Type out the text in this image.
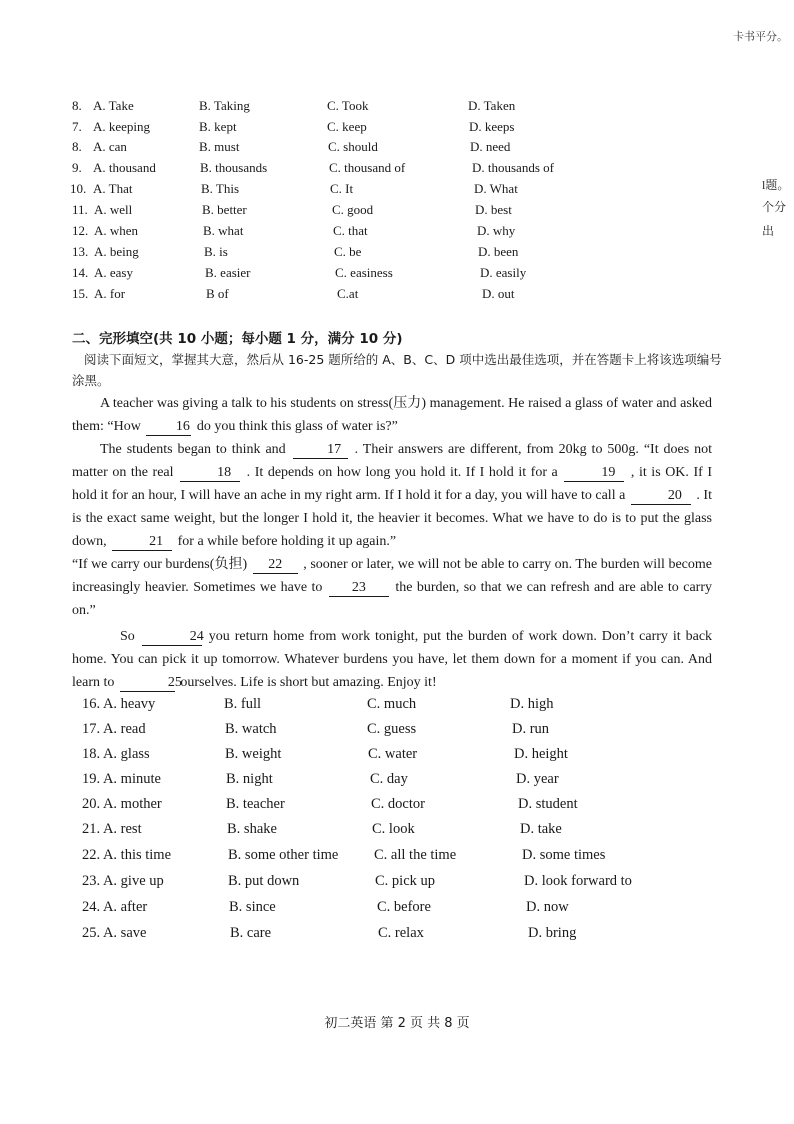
卡书平分。
l题。
个分
出
8. A. Take	B. Taking	C. Took	D. Taken
7. A. keeping	B. kept	C. keep	D. keeps
8. A. can	B. must	C. should	D. need
9. A. thousand	B. thousands	C. thousand of	D. thousands of
10. A. That	B. This	C. It	D. What
11. A. well	B. better	C. good	D. best
12. A. when	B. what	C. that	D. why
13. A. being	B. is	C. be	D. been
14. A. easy	B. easier	C. easiness	D. easily
15. A. for	B of	C.at	D. out
二、完形填空(共 10 小题；每小题 1 分，满分 10 分)
阅读下面短文，掌握其大意，然后从 16-25 题所给的 A、B、C、D 项中选出最佳选项，并在答题卡上将该选项编号涂黑。

A teacher was giving a talk to his students on stress(压力) management. He raised a glass of water and asked them: “How	16 do you think this glass of water is?”

The students began to think and	17 . Their answers are different, from 20kg to 500g. “It does not matter on the real	18 . It depends on how long you hold it. If I hold it for a	19 , it is OK. If I hold it for an hour, I will have an ache in my right arm. If I hold it for a day, you will have to call a	20 . It is the exact same weight, but the longer I hold it, the heavier it becomes. What we have to do is to put the glass down,	21 for a while before holding it up again.”

“If we carry our burdens(负担) 22 , sooner or later, we will not be able to carry on. The burden will become increasingly heavier. Sometimes we have to 23 the burden, so that we can refresh and are able to carry on.”

So	24 you return home from work tonight, put the burden of work down. Don’t carry it back home. You can pick it up tomorrow. Whatever burdens you have, let them down for a moment if you can. And learn to	25 ourselves. Life is short but amazing. Enjoy it!

16. A. heavy	B. full	C. much	D. high
17. A. read	B. watch	C. guess	D. run
18. A. glass	B. weight	C. water	D. height
19. A. minute	B. night	C. day	D. year
20. A. mother	B. teacher	C. doctor	D. student
21. A. rest	B. shake	C. look	D. take
22. A. this time	B. some other time C. all the time	D. some times
23. A. give up	B. put down	C. pick up	D. look forward to
24. A. after	B. since	C. before	D. now
25. A. save	B. care	C. relax	D. bring
初二英语 第 2 页 共 8 页
